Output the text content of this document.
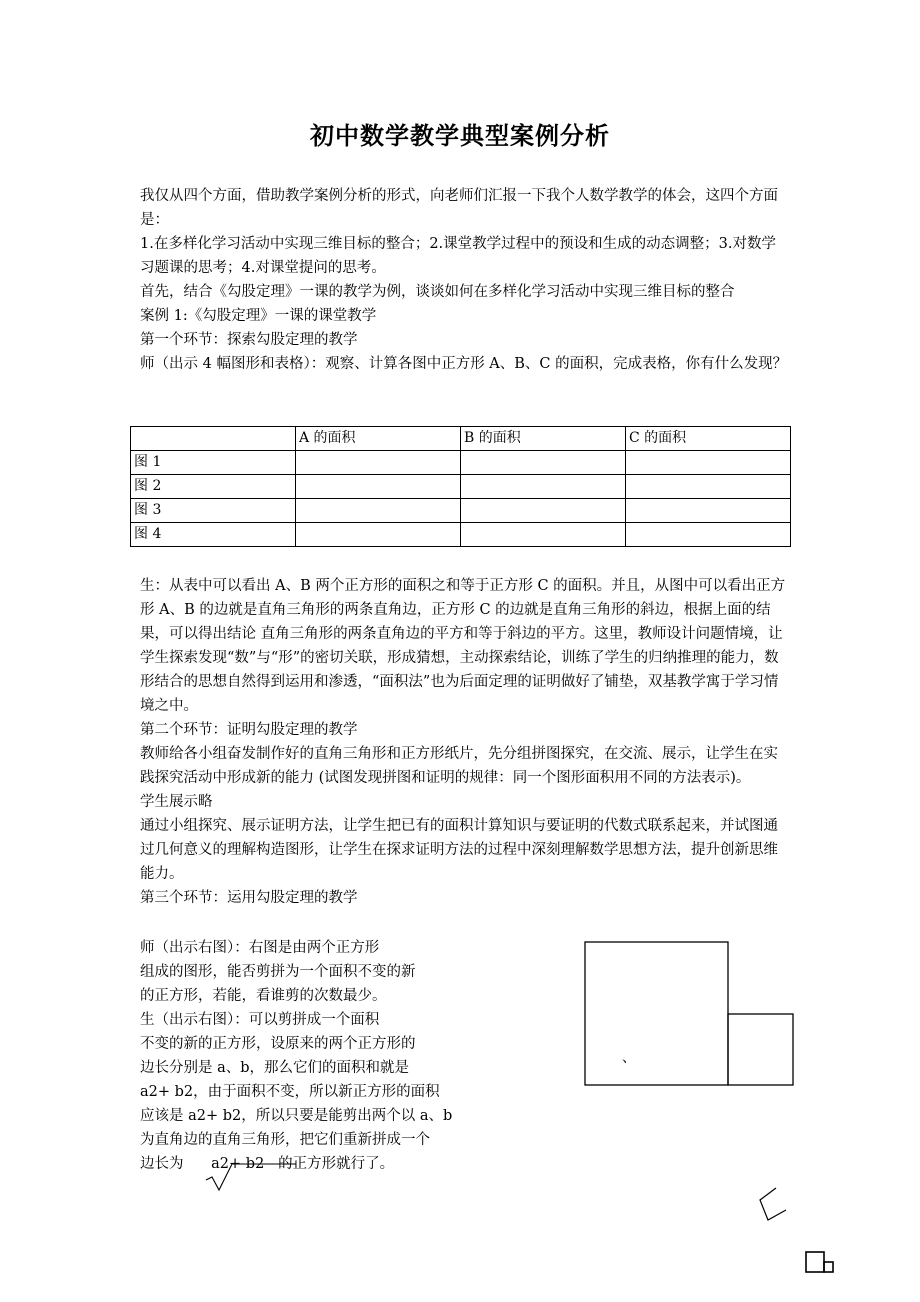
初中数学教学典型案例分析

我仅从四个方面，借助教学案例分析的形式，向老师们汇报一下我个人数学教学的体会，这四个方面是：

1.在多样化学习活动中实现三维目标的整合；2.课堂教学过程中的预设和生成的动态调整；3.对数学习题课的思考；4.对课堂提问的思考。

首先，结合《勾股定理》一课的教学为例，谈谈如何在多样化学习活动中实现三维目标的整合

案例 1:《勾股定理》一课的课堂教学

第一个环节：探索勾股定理的教学

师（出示 4 幅图形和表格）：观察、计算各图中正方形 A、B、C 的面积，完成表格，你有什么发现？

	A 的面积	B 的面积	C 的面积
图 1			
图 2			
图 3			
图 4			

生：从表中可以看出 A、B 两个正方形的面积之和等于正方形 C 的面积。并且，从图中可以看出正方形 A、B 的边就是直角三角形的两条直角边，正方形 C 的边就是直角三角形的斜边，根据上面的结果，可以得出结论 直角三角形的两条直角边的平方和等于斜边的平方。这里，教师设计问题情境，让学生探索发现“数”与“形”的密切关联，形成猜想，主动探索结论，训练了学生的归纳推理的能力，数形结合的思想自然得到运用和渗透，“面积法”也为后面定理的证明做好了铺垫，双基教学寓于学习情境之中。

第二个环节：证明勾股定理的教学

教师给各小组奋发制作好的直角三角形和正方形纸片，先分组拼图探究，在交流、展示，让学生在实践探究活动中形成新的能力 (试图发现拼图和证明的规律：同一个图形面积用不同的方法表示)。

学生展示略

通过小组探究、展示证明方法，让学生把已有的面积计算知识与要证明的代数式联系起来，并试图通过几何意义的理解构造图形，让学生在探求证明方法的过程中深刻理解数学思想方法，提升创新思维能力。

第三个环节：运用勾股定理的教学

师（出示右图）：右图是由两个正方形

组成的图形，能否剪拼为一个面积不变的新

的正方形，若能，看谁剪的次数最少。

生（出示右图）：可以剪拼成一个面积

不变的新的正方形，设原来的两个正方形的

边长分别是 a、b，那么它们的面积和就是

a2+ b2，由于面积不变，所以新正方形的面积

应该是 a2+ b2，所以只要是能剪出两个以 a、b

为直角边的直角三角形，把它们重新拼成一个

边长为      a2+ b2   的正方形就行了。

、
